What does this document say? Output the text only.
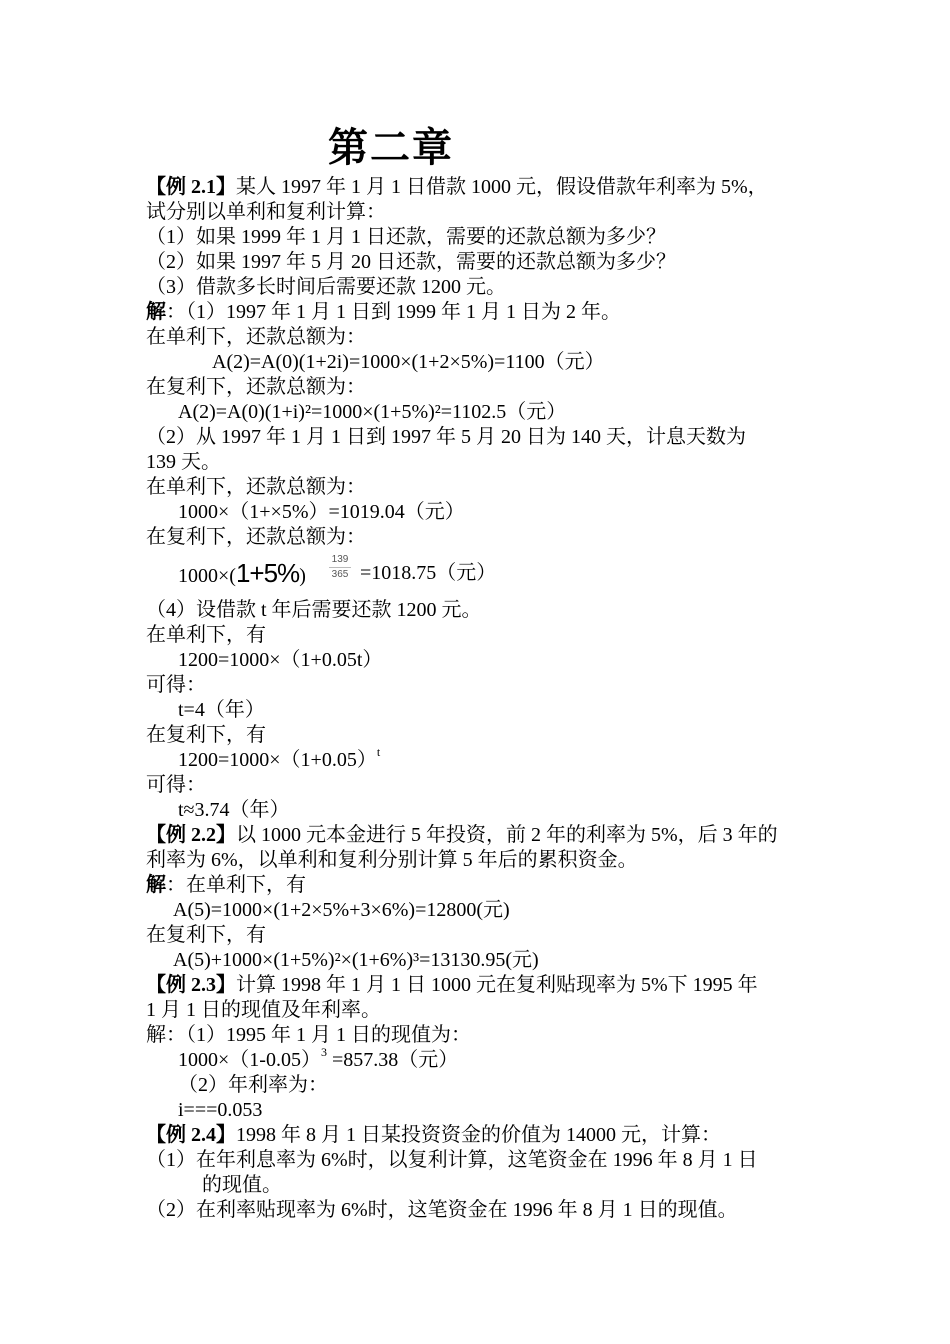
第二章
【例 2.1】某人 1997 年 1 月 1 日借款 1000 元，假设借款年利率为 5%，
试分别以单利和复利计算：
（1）如果 1999 年 1 月 1 日还款，需要的还款总额为多少？
（2）如果 1997 年 5 月 20 日还款，需要的还款总额为多少？
（3）借款多长时间后需要还款 1200 元。
解：（1）1997 年 1 月 1 日到 1999 年 1 月 1 日为 2 年。
在单利下，还款总额为：
A(2)=A(0)(1+2i)=1000×(1+2×5%)=1100（元）
在复利下，还款总额为：
A(2)=A(0)(1+i)²=1000×(1+5%)²=1102.5（元）
（2）从 1997 年 1 月 1 日到 1997 年 5 月 20 日为 140 天，计息天数为
139 天。
在单利下，还款总额为：
1000×（1+×5%）=1019.04（元）
在复利下，还款总额为：
1000×(1+5%)
139
365 =1018.75（元）
（4）设借款 t 年后需要还款 1200 元。
在单利下，有
1200=1000×（1+0.05t）
可得：
t=4（年）
在复利下，有
$1200=1000\times(1+0.05)^t$
可得：
t≈3.74（年）
【例 2.2】以 1000 元本金进行 5 年投资，前 2 年的利率为 5%，后 3 年的
利率为 6%，以单利和复利分别计算 5 年后的累积资金。
解：在单利下，有
A(5)=1000×(1+2×5%+3×6%)=12800(元)
在复利下，有
A(5)+1000×(1+5%)²×(1+6%)³=13130.95(元)
【例 2.3】计算 1998 年 1 月 1 日 1000 元在复利贴现率为 5%下 1995 年
1 月 1 日的现值及年利率。
解：（1）1995 年 1 月 1 日的现值为：
$1000\times(1-0.05)^3 =857.38$（元）
（2）年利率为：
i===0.053
【例 2.4】1998 年 8 月 1 日某投资资金的价值为 14000 元，计算：
（1）在年利息率为 6%时，以复利计算，这笔资金在 1996 年 8 月 1 日
的现值。
（2）在利率贴现率为 6%时，这笔资金在 1996 年 8 月 1 日的现值。
